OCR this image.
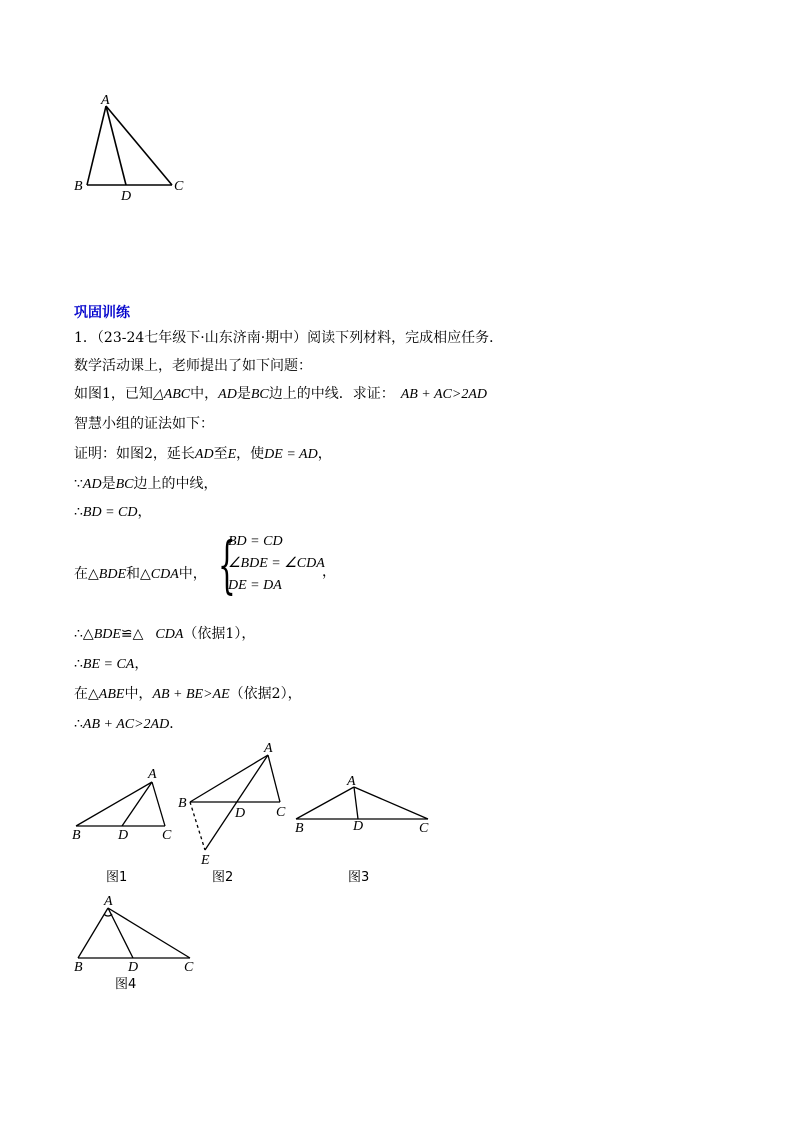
A
B	C
D
巩固训练
1．（23-24七年级下·山东济南·期中）阅读下列材料，完成相应任务．
数学活动课上，老师提出了如下问题：
如图1，已知△ABC中，AD是BC边上的中线．求证： AB + AC>2AD
智慧小组的证法如下：
证明：如图2，延长AD至E，使DE = AD，
∵AD是BC边上的中线，
∴BD = CD，
在△BDE和△CDA中， {
BD = CD
∠BDE = ∠CDA
DE = DA
，
∴△BDE≌△ CDA（依据1），
∴BE = CA，
在△ABE中，AB + BE>AE（依据2），
∴AB + AC>2AD．
A
B	D C
图1
A
B
D C
E
图2
A
B	D	C
图3
A
B	D	C
图4
